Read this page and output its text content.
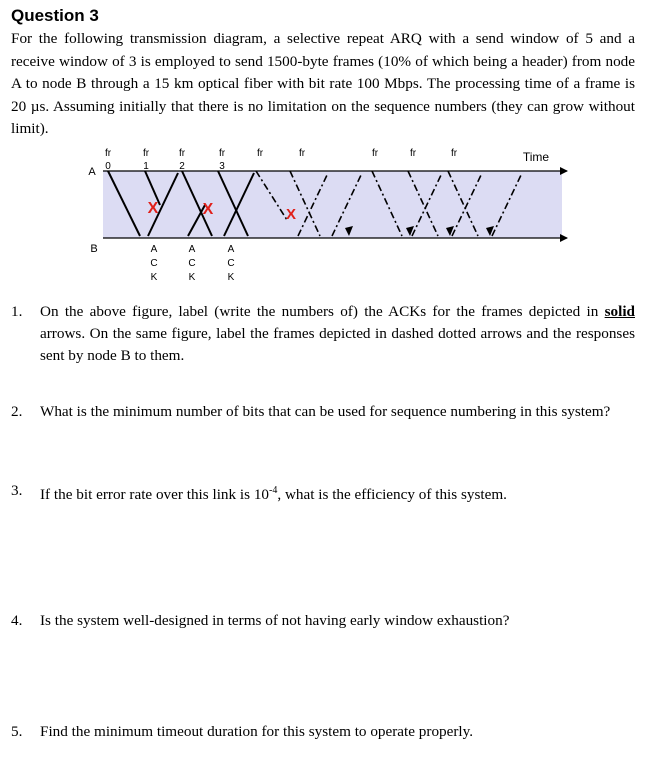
Question 3
For the following transmission diagram, a selective repeat ARQ with a send window of 5 and a receive window of 3 is employed to send 1500-byte frames (10% of which being a header) from node A to node B through a 15 km optical fiber with bit rate 100 Mbps. The processing time of a frame is 20 µs. Assuming initially that there is no limitation on the sequence numbers (they can grow without limit).
X	X	X
A
B
Time
fr	fr	fr	fr	fr	fr	fr	fr	fr
0	1	2	3
A
C
K
A
C
K
A
C
K
1. On the above figure, label (write the numbers of) the ACKs for the frames depicted in solid arrows. On the same figure, label the frames depicted in dashed dotted arrows and the responses sent by node B to them.
2. What is the minimum number of bits that can be used for sequence numbering in this system?
3. If the bit error rate over this link is $10^{-4}$, what is the efficiency of this system.
4. Is the system well-designed in terms of not having early window exhaustion?
5. Find the minimum timeout duration for this system to operate properly.
